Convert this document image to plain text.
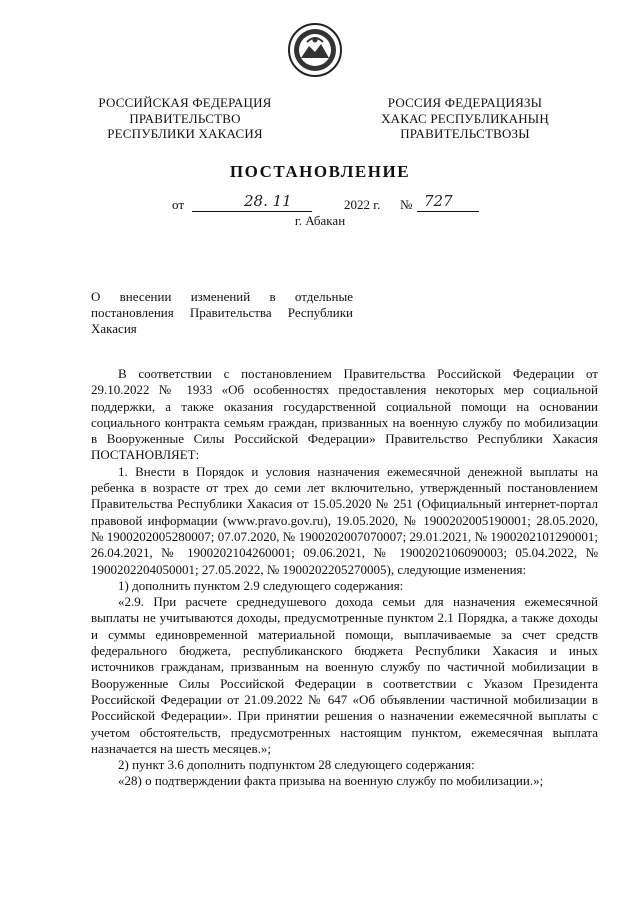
РОССИЙСКАЯ ФЕДЕРАЦИЯ
ПРАВИТЕЛЬСТВО
РЕСПУБЛИКИ ХАКАСИЯ
РОССИЯ ФЕДЕРАЦИЯЗЫ
ХАКАС РЕСПУБЛИКАНЫҢ
ПРАВИТЕЛЬСТВОЗЫ
ПОСТАНОВЛЕНИЕ
от	28. 11	2022 г. № 727
г. Абакан
О внесении изменений в отдельные постановления Правительства Республики Хакасия

В соответствии с постановлением Правительства Российской Федерации от 29.10.2022 № 1933 «Об особенностях предоставления некоторых мер социальной поддержки, а также оказания государственной социальной помощи на основании социального контракта семьям граждан, призванных на военную службу по мобилизации в Вооруженные Силы Российской Федерации» Правительство Республики Хакасия ПОСТАНОВЛЯЕТ:

1. Внести в Порядок и условия назначения ежемесячной денежной выплаты на ребенка в возрасте от трех до семи лет включительно, утвержденный постановлением Правительства Республики Хакасия от 15.05.2020 № 251 (Официальный интернет-портал правовой информации (www.pravo.gov.ru), 19.05.2020, № 1900202005190001; 28.05.2020, № 1900202005280007; 07.07.2020, № 1900202007070007; 29.01.2021, № 1900202101290001; 26.04.2021, № 1900202104260001; 09.06.2021, № 1900202106090003; 05.04.2022, № 1900202204050001; 27.05.2022, № 1900202205270005), следующие изменения:

1) дополнить пунктом 2.9 следующего содержания:

«2.9. При расчете среднедушевого дохода семьи для назначения ежемесячной выплаты не учитываются доходы, предусмотренные пунктом 2.1 Порядка, а также доходы и суммы единовременной материальной помощи, выплачиваемые за счет средств федерального бюджета, республиканского бюджета Республики Хакасия и иных источников гражданам, призванным на военную службу по частичной мобилизации в Вооруженные Силы Российской Федерации в соответствии с Указом Президента Российской Федерации от 21.09.2022 № 647 «Об объявлении частичной мобилизации в Российской Федерации». При принятии решения о назначении ежемесячной выплаты с учетом обстоятельств, предусмотренных настоящим пунктом, ежемесячная выплата назначается на шесть месяцев.»;

2) пункт 3.6 дополнить подпунктом 28 следующего содержания:

«28) о подтверждении факта призыва на военную службу по мобилизации.»;
